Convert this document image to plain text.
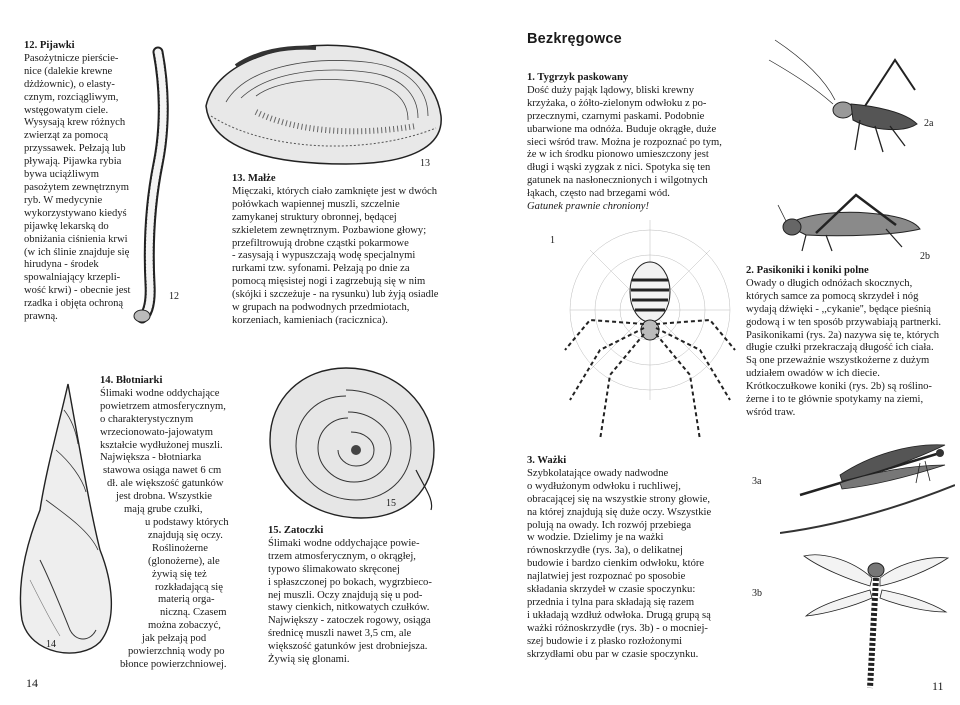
12. Pijawki
Pasożytnicze pierście-
nice (dalekie krewne
dżdżownic), o elasty-
cznym, rozciągliwym,
wstęgowatym ciele.
Wysysają krew różnych
zwierząt za pomocą
przyssawek. Pełzają lub
pływają. Pijawka rybia
bywa uciążliwym
pasożytem zewnętrznym
ryb. W medycynie
wykorzystywano kiedyś
pijawkę lekarską do
obniżania ciśnienia krwi
(w ich ślinie znajduje się
hirudyna - środek
spowalniający krzepli-
wość krwi) - obecnie jest
rzadka i objęta ochroną
prawną.
12
13
13. Małże
Mięczaki, których ciało zamknięte jest w dwóch
połówkach wapiennej muszli, szczelnie
zamykanej struktury obronnej, będącej
szkieletem zewnętrznym. Pozbawione głowy;
przefiltrowują drobne cząstki pokarmowe
- zasysają i wypuszczają wodę specjalnymi
rurkami tzw. syfonami. Pełzają po dnie za
pomocą mięsistej nogi i zagrzebują się w nim
(skójki i szczeżuje - na rysunku) lub żyją osiadle
w grupach na podwodnych przedmiotach,
korzeniach, kamieniach (racicznica).
14
14. Błotniarki
Ślimaki wodne oddychające
powietrzem atmosferycznym,
o charakterystycznym
wrzecionowato-jajowatym
kształcie wydłużonej muszli.
Największa - błotniarka
stawowa osiąga nawet 6 cm
dł. ale większość gatunków
jest drobna. Wszystkie
mają grube czułki,
u podstawy których
znajdują się oczy.
Roślinożerne
(glonożerne), ale
żywią się też
rozkładającą się
materią orga-
niczną. Czasem
można zobaczyć,
jak pełzają pod
powierzchnią wody po
błonce powierzchniowej.
15
15. Zatoczki
Ślimaki wodne oddychające powie-
trzem atmosferycznym, o okrągłej,
typowo ślimakowato skręconej
i spłaszczonej po bokach, wygrzbieco-
nej muszli. Oczy znajdują się u pod-
stawy cienkich, nitkowatych czułków.
Największy - zatoczek rogowy, osiąga
średnicę muszli nawet 3,5 cm, ale
większość gatunków jest drobniejsza.
Żywią się glonami.
14
Bezkręgowce
1. Tygrzyk paskowany
Dość duży pająk lądowy, bliski krewny
krzyżaka, o żółto-zielonym odwłoku z po-
przecznymi, czarnymi paskami. Podobnie
ubarwione ma odnóża. Buduje okrągłe, duże
sieci wśród traw. Można je rozpoznać po tym,
że w ich środku pionowo umieszczony jest
długi i wąski zygzak z nici. Spotyka się ten
gatunek na nasłonecznionych i wilgotnych
łąkach, często nad brzegami wód.
Gatunek prawnie chroniony!
2a
2b
1
2. Pasikoniki i koniki polne
Owady o długich odnóżach skocznych,
których samce za pomocą skrzydeł i nóg
wydają dźwięki - ,,cykanie'', będące pieśnią
godową i w ten sposób przywabiają partnerki.
Pasikonikami (rys. 2a) nazywa się te, których
długie czułki przekraczają długość ich ciała.
Są one przeważnie wszystkożerne z dużym
udziałem owadów w ich diecie.
Krótkoczułkowe koniki (rys. 2b) są roślino-
żerne i to te głównie spotykamy na ziemi,
wśród traw.
3. Ważki
Szybkolatające owady nadwodne
o wydłużonym odwłoku i ruchliwej,
obracającej się na wszystkie strony głowie,
na której znajdują się duże oczy. Wszystkie
polują na owady. Ich rozwój przebiega
w wodzie. Dzielimy je na ważki
równoskrzydłe (rys. 3a), o delikatnej
budowie i bardzo cienkim odwłoku, które
najlatwiej jest rozpoznać po sposobie
składania skrzydeł w czasie spoczynku:
przednia i tylna para składają się razem
i układają wzdłuż odwłoka. Drugą grupą są
ważki różnoskrzydłe (rys. 3b) - o mocniej-
szej budowie i z płasko rozłożonymi
skrzydłami obu par w czasie spoczynku.
3a
3b
11
